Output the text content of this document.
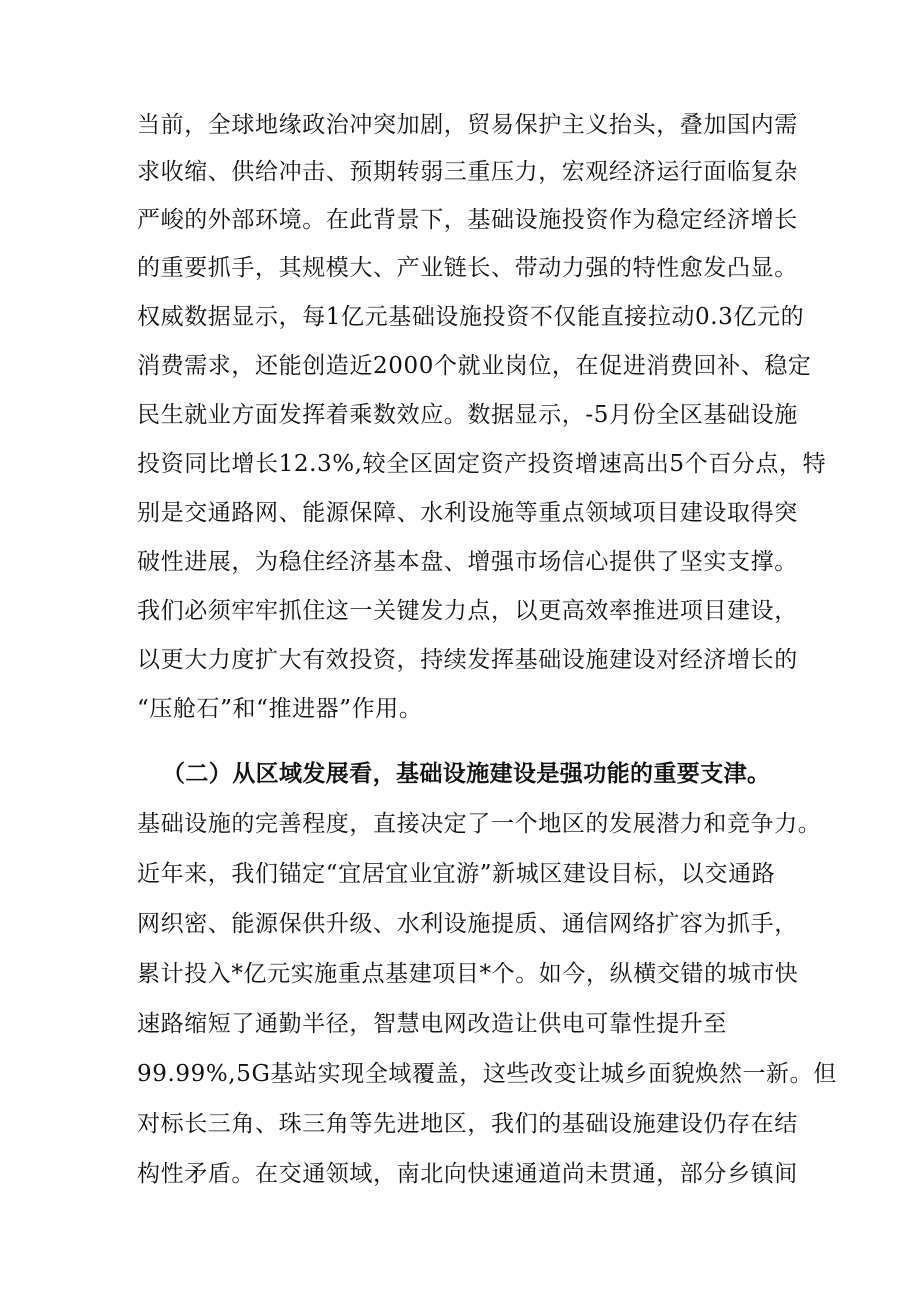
当前，全球地缘政治冲突加剧，贸易保护主义抬头，叠加国内需
求收缩、供给冲击、预期转弱三重压力，宏观经济运行面临复杂
严峻的外部环境。在此背景下，基础设施投资作为稳定经济增长
的重要抓手，其规模大、产业链长、带动力强的特性愈发凸显。
权威数据显示，每1亿元基础设施投资不仅能直接拉动0.3亿元的
消费需求，还能创造近2000个就业岗位，在促进消费回补、稳定
民生就业方面发挥着乘数效应。数据显示，-5月份全区基础设施
投资同比增长12.3%,较全区固定资产投资增速高出5个百分点，特
别是交通路网、能源保障、水利设施等重点领域项目建设取得突
破性进展，为稳住经济基本盘、增强市场信心提供了坚实支撑。
我们必须牢牢抓住这一关键发力点，以更高效率推进项目建设，
以更大力度扩大有效投资，持续发挥基础设施建设对经济增长的
“压舱石”和“推进器”作用。
（二）从区域发展看，基础设施建设是强功能的重要支津。
基础设施的完善程度，直接决定了一个地区的发展潜力和竞争力。
近年来，我们锚定“宜居宜业宜游”新城区建设目标，以交通路
网织密、能源保供升级、水利设施提质、通信网络扩容为抓手，
累计投入*亿元实施重点基建项目*个。如今，纵横交错的城市快
速路缩短了通勤半径，智慧电网改造让供电可靠性提升至
99.99%,5G基站实现全域覆盖，这些改变让城乡面貌焕然一新。但
对标长三角、珠三角等先进地区，我们的基础设施建设仍存在结
构性矛盾。在交通领域，南北向快速通道尚未贯通，部分乡镇间
